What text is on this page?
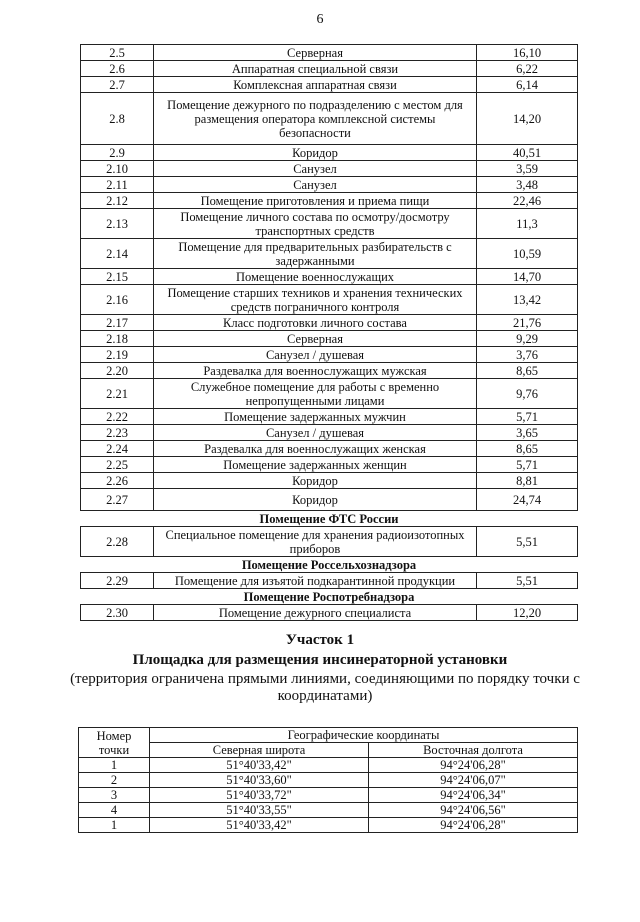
6
2.5	Серверная	16,10
2.6	Аппаратная специальной связи	6,22
2.7	Комплексная аппаратная связи	6,14
2.8	Помещение дежурного по подразделению с местом для размещения оператора комплексной системы безопасности	14,20
2.9	Коридор	40,51
2.10	Санузел	3,59
2.11	Санузел	3,48
2.12	Помещение приготовления и приема пищи	22,46
2.13	Помещение личного состава по осмотру/досмотру транспортных средств	11,3
2.14	Помещение для предварительных разбирательств с задержанными	10,59
2.15	Помещение военнослужащих	14,70
2.16	Помещение старших техников и хранения технических средств пограничного контроля	13,42
2.17	Класс подготовки личного состава	21,76
2.18	Серверная	9,29
2.19	Санузел / душевая	3,76
2.20	Раздевалка для военнослужащих мужская	8,65
2.21	Служебное помещение для работы с временно непропущенными лицами	9,76
2.22	Помещение задержанных мужчин	5,71
2.23	Санузел / душевая	3,65
2.24	Раздевалка для военнослужащих женская	8,65
2.25	Помещение задержанных женщин	5,71
2.26	Коридор	8,81
2.27	Коридор	24,74
Помещение ФТС России		
2.28	Специальное помещение для хранения радиоизотопных приборов	5,51
Помещение Россельхознадзора		
2.29	Помещение для изъятой подкарантинной продукции	5,51
Помещение Роспотребнадзора		
2.30	Помещение дежурного специалиста	12,20
Участок 1
Площадка для размещения инсинераторной установки
(территория ограничена прямыми линиями, соединяющими по порядку точки с координатами)
Номер точки	Географические координаты	
	Северная широта	Восточная долгота
1	51°40'33,42"	94°24'06,28"
2	51°40'33,60"	94°24'06,07"
3	51°40'33,72"	94°24'06,34"
4	51°40'33,55"	94°24'06,56"
1	51°40'33,42"	94°24'06,28"
